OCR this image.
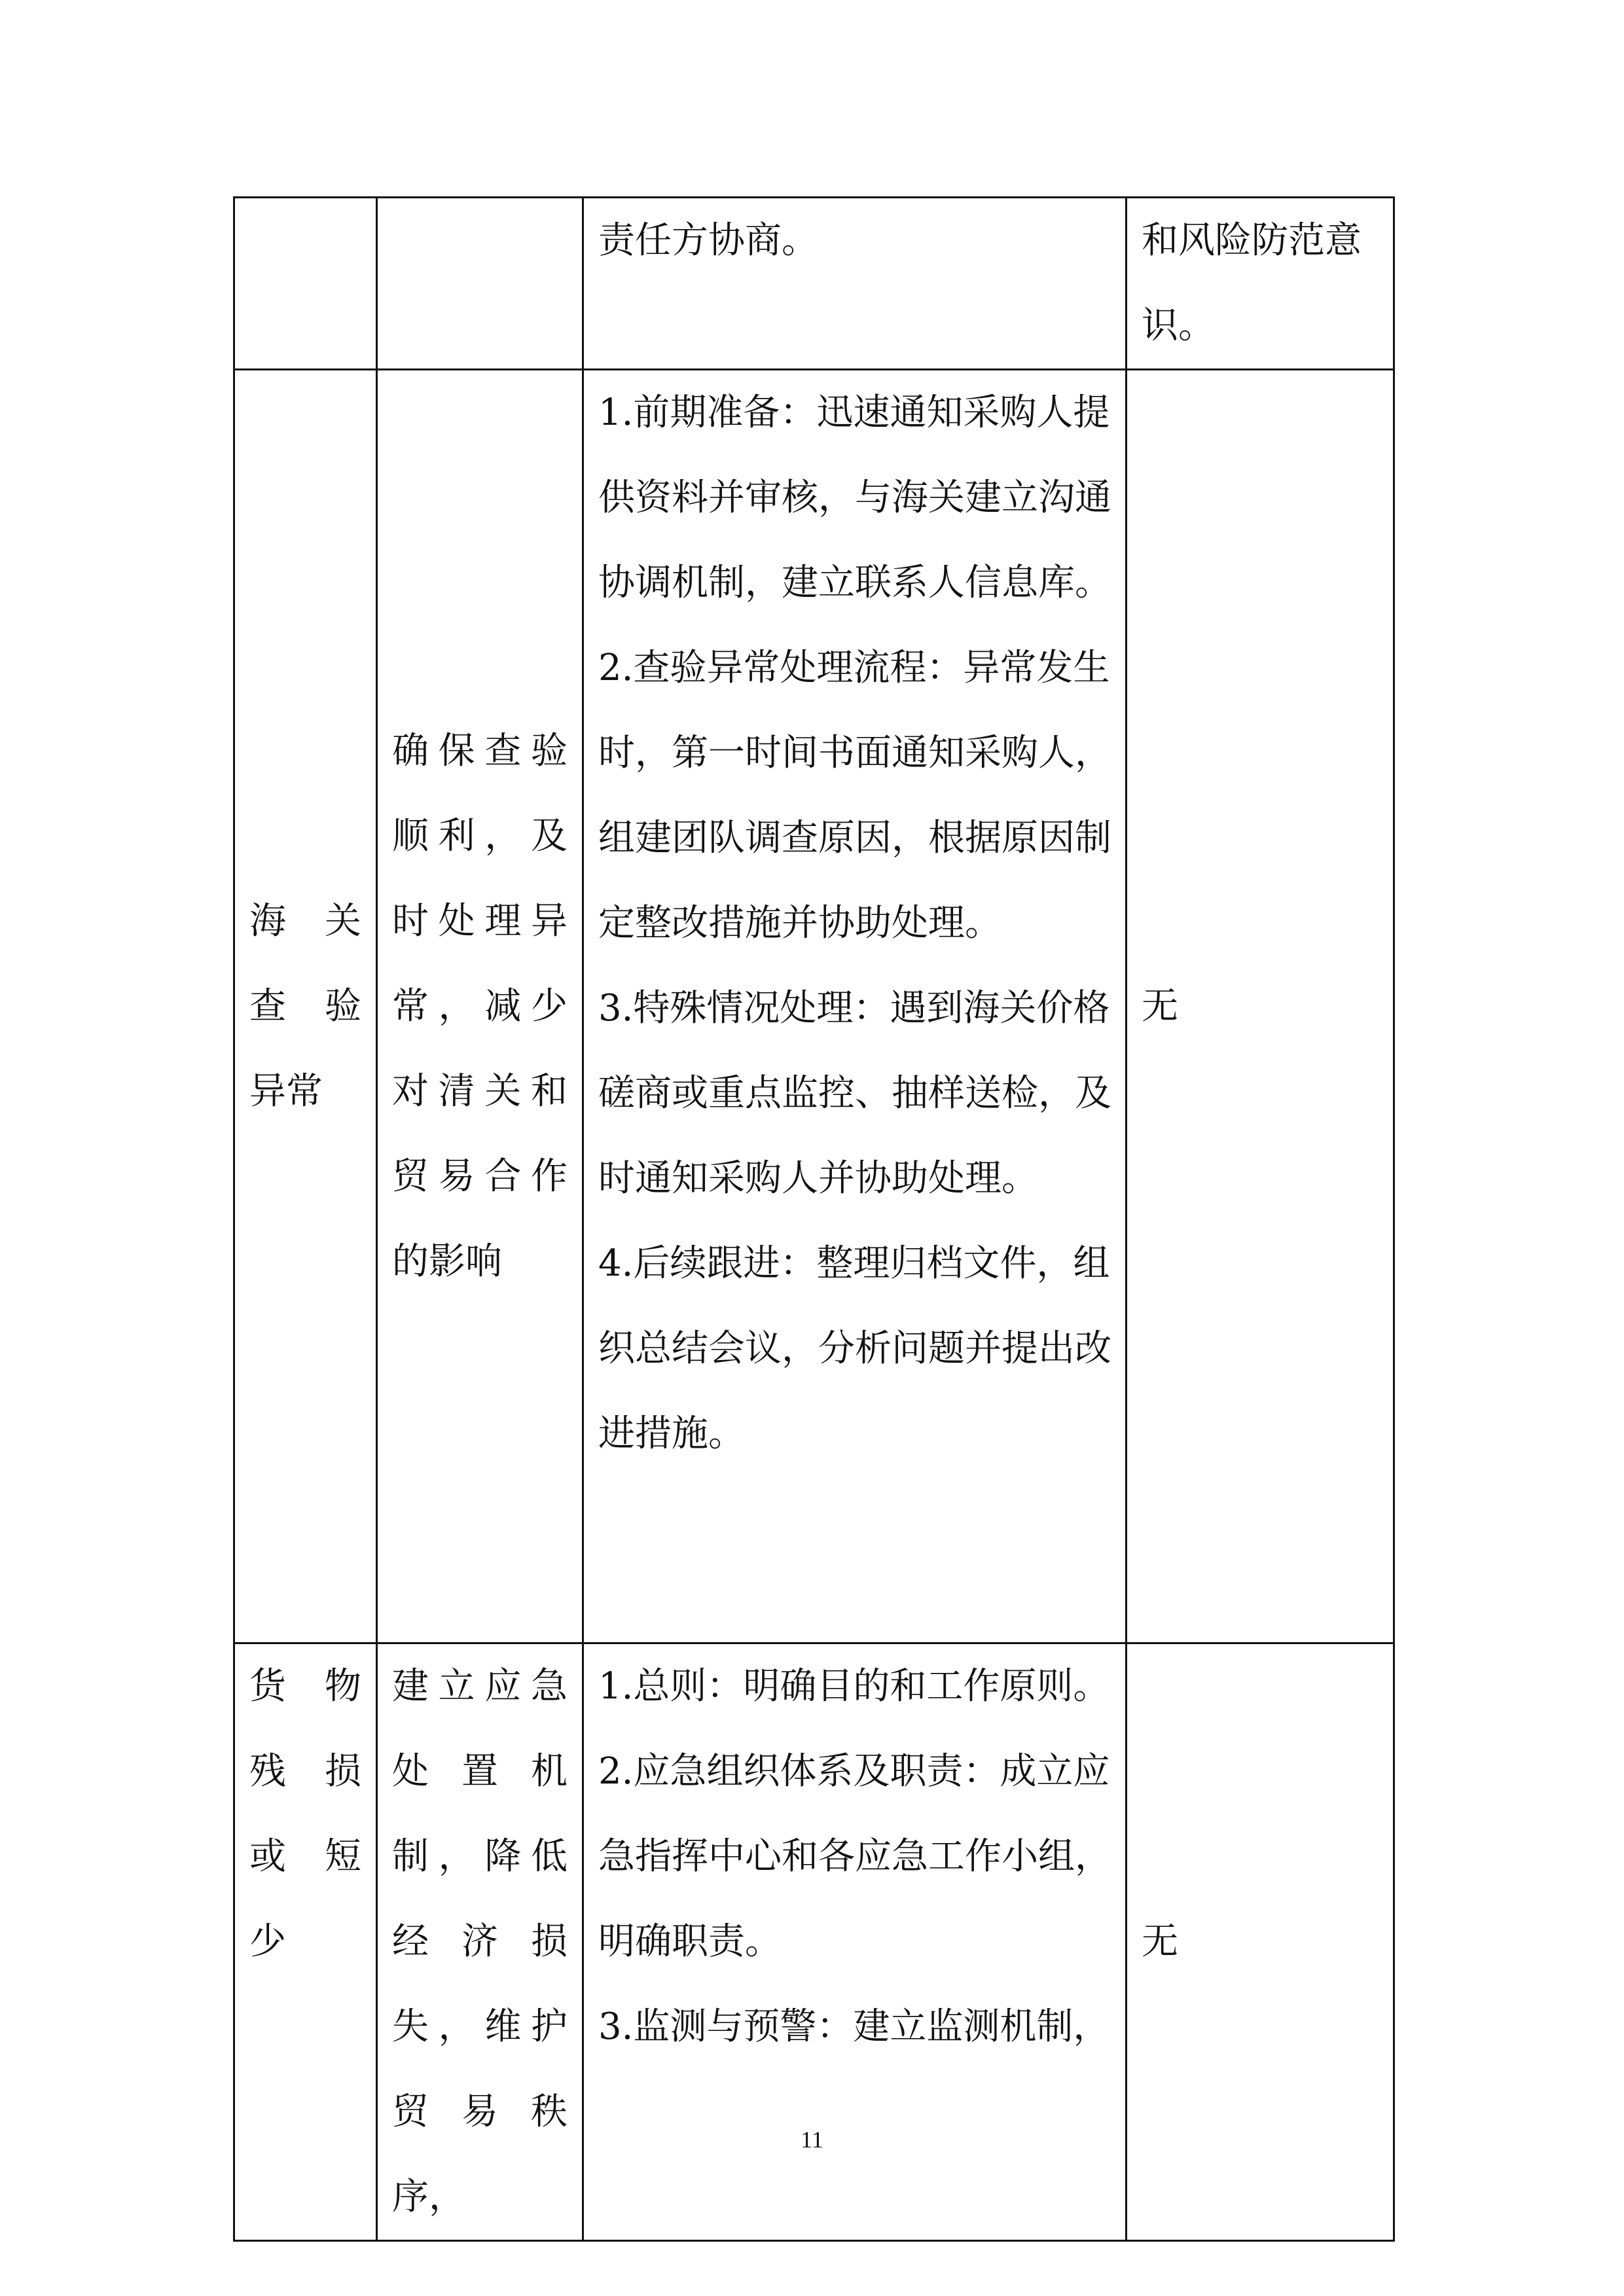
		责任方协商。	和风险防范意识。

海　关
查　验
异常	确保查验顺利，及时处理异常，减少对清关和贸易合作的影响	1.前期准备：迅速通知采购人提供资料并审核，与海关建立沟通协调机制，建立联系人信息库。
2.查验异常处理流程：异常发生时，第一时间书面通知采购人，组建团队调查原因，根据原因制定整改措施并协助处理。
3.特殊情况处理：遇到海关价格磋商或重点监控、抽样送检，及时通知采购人并协助处理。
4.后续跟进：整理归档文件，组织总结会议，分析问题并提出改进措施。	无

货　物
残　损
或　短
少	建立应急处置机制，降低经济损失，维护贸易秩序，	1.总则：明确目的和工作原则。
2.应急组织体系及职责：成立应急指挥中心和各应急工作小组，明确职责。
3.监测与预警：建立监测机制，	无
11
